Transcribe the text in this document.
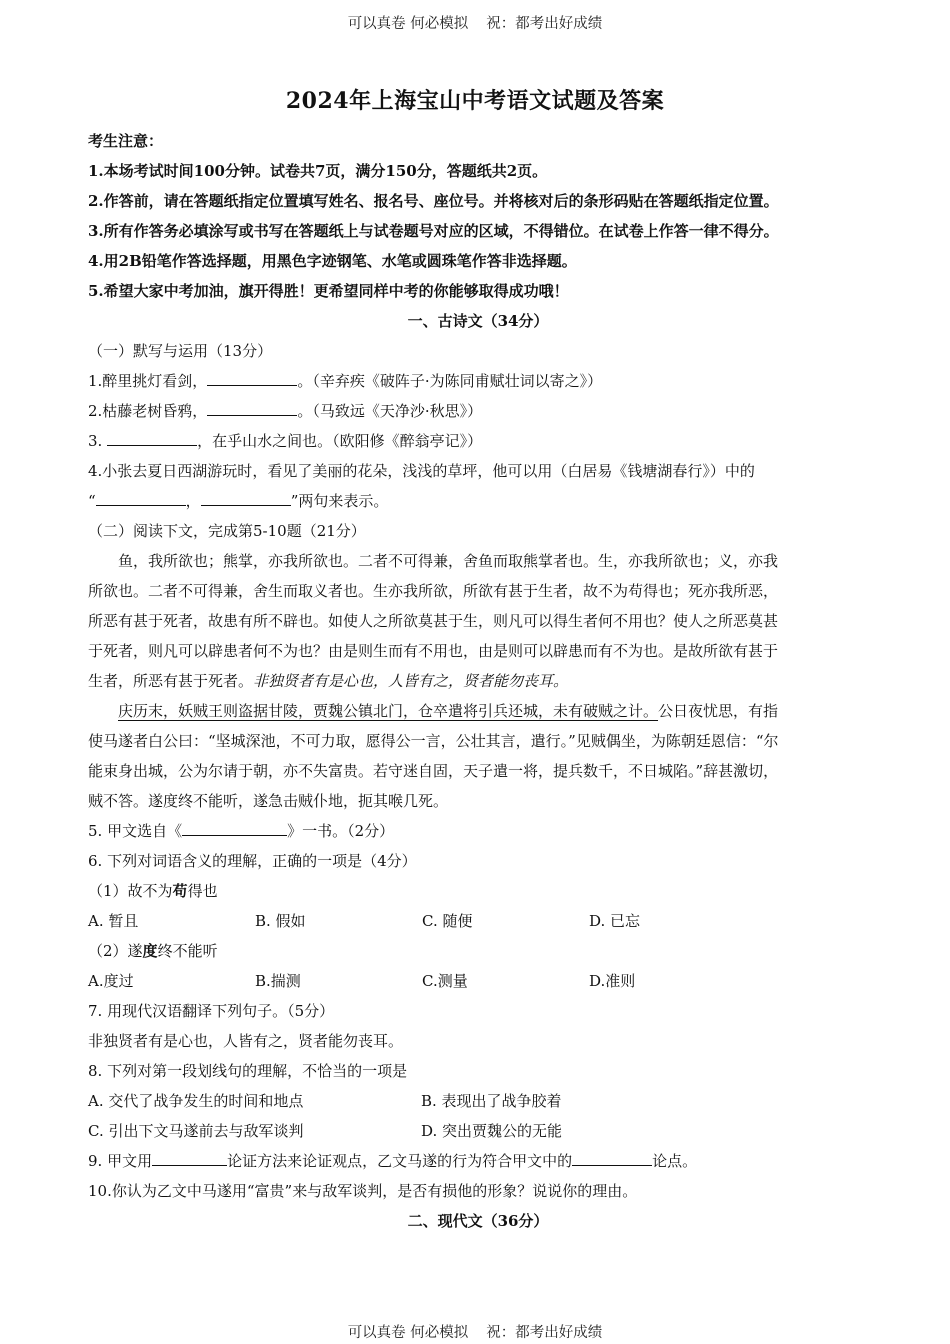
可以真卷 何必模拟 祝：都考出好成绩
2024年上海宝山中考语文试题及答案
考生注意：
1.本场考试时间100分钟。试卷共7页，满分150分，答题纸共2页。
2.作答前，请在答题纸指定位置填写姓名、报名号、座位号。并将核对后的条形码贴在答题纸指定位置。
3.所有作答务必填涂写或书写在答题纸上与试卷题号对应的区域，不得错位。在试卷上作答一律不得分。
4.用2B铅笔作答选择题，用黑色字迹钢笔、水笔或圆珠笔作答非选择题。
5.希望大家中考加油，旗开得胜！更希望同样中考的你能够取得成功哦！
一、古诗文（34分）
（一）默写与运用（13分）
1.醉里挑灯看剑，	。（辛弃疾《破阵子·为陈同甫赋壮词以寄之》）
2.枯藤老树昏鸦，	。（马致远《天净沙·秋思》）
3.	，在乎山水之间也。（欧阳修《醉翁亭记》）
4.小张去夏日西湖游玩时，看见了美丽的花朵，浅浅的草坪，他可以用（白居易《钱塘湖春行》）中的
“	，	”两句来表示。
（二）阅读下文，完成第5-10题（21分）
鱼，我所欲也；熊掌，亦我所欲也。二者不可得兼，舍鱼而取熊掌者也。生，亦我所欲也；义，亦我
所欲也。二者不可得兼，舍生而取义者也。生亦我所欲，所欲有甚于生者，故不为苟得也；死亦我所恶，
所恶有甚于死者，故患有所不辟也。如使人之所欲莫甚于生，则凡可以得生者何不用也？使人之所恶莫甚
于死者，则凡可以辟患者何不为也？由是则生而有不用也，由是则可以辟患而有不为也。是故所欲有甚于
生者，所恶有甚于死者。非独贤者有是心也，人皆有之，贤者能勿丧耳。
庆历末，妖贼王则盗据甘陵，贾魏公镇北门，仓卒遣将引兵还城，未有破贼之计。公日夜忧思，有指
使马遂者白公曰：“坚城深池，不可力取，愿得公一言，公壮其言，遣行。”见贼偶坐，为陈朝廷恩信：“尔
能束身出城，公为尔请于朝，亦不失富贵。若守迷自固，天子遣一将，提兵数千，不日城陷。”辞甚激切，
贼不答。遂度终不能听，遂急击贼仆地，扼其喉几死。
5. 甲文选自《	》一书。（2分）
6. 下列对词语含义的理解，正确的一项是（4分）
（1）故不为苟得也
A. 暂且	B. 假如	C. 随便	D. 已忘
（2）遂度终不能听
A.度过	B.揣测	C.测量	D.准则
7. 用现代汉语翻译下列句子。（5分）
非独贤者有是心也，人皆有之，贤者能勿丧耳。
8. 下列对第一段划线句的理解，不恰当的一项是
A. 交代了战争发生的时间和地点	B. 表现出了战争胶着
C. 引出下文马遂前去与敌军谈判	D. 突出贾魏公的无能
9. 甲文用	论证方法来论证观点，乙文马遂的行为符合甲文中的	论点。
10.你认为乙文中马遂用“富贵”来与敌军谈判，是否有损他的形象？说说你的理由。
二、现代文（36分）
可以真卷 何必模拟 祝：都考出好成绩
